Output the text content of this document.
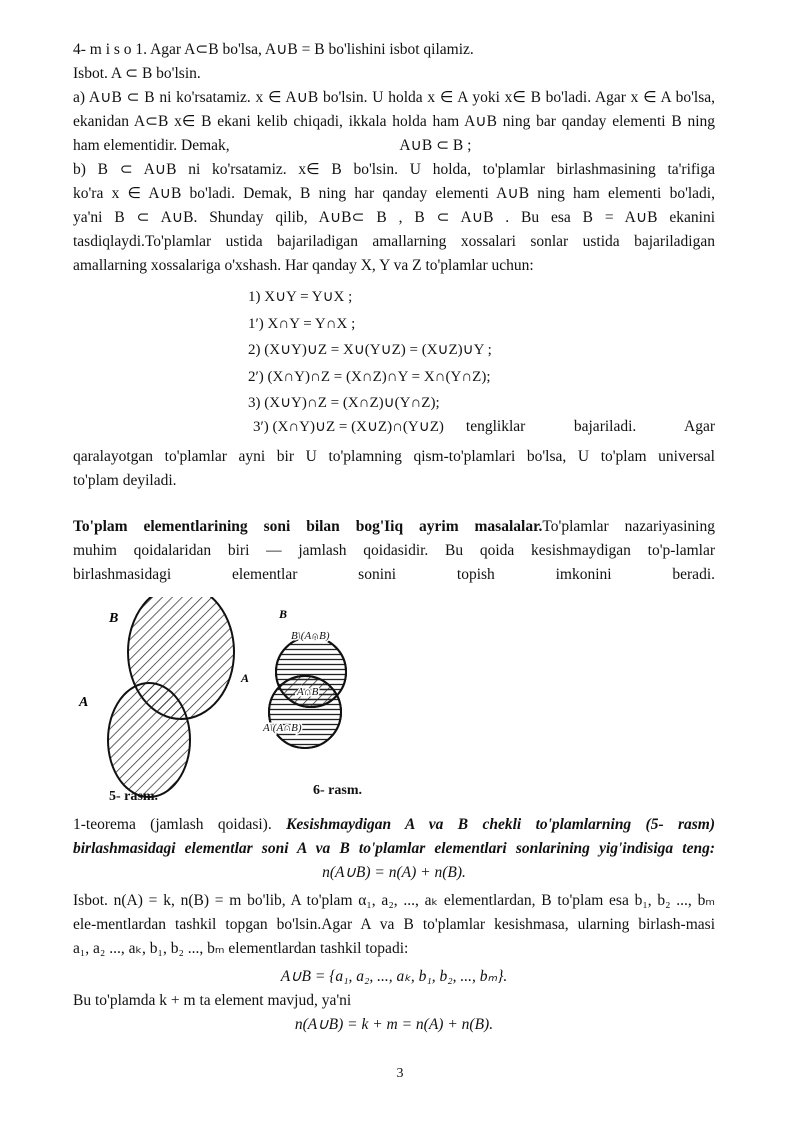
4- m i s o 1. Agar A⊂B bo'lsa, A∪B = B bo'lishini isbot qilamiz.

Isbot. A ⊂ B bo'lsin.

a) A∪B ⊂ B ni ko'rsatamiz. x ∈ A∪B bo'lsin. U holda x ∈ A yoki x∈ B bo'ladi. Agar x ∈ A bo'lsa,

ekanidan A⊂B x∈ B ekani kelib chiqadi, ikkala holda ham A∪B ning bar qanday elementi B ning

ham elementidir. Demak,                                            A∪B ⊂ B ;

b) B ⊂ A∪B ni ko'rsatamiz. x∈ B bo'lsin. U holda, to'plamlar birlashmasining ta'rifiga

ko'ra x ∈ A∪B bo'ladi. Demak, B ning har qanday elementi A∪B ning ham elementi bo'ladi,

ya'ni B ⊂ A∪B. Shunday qilib, A∪B⊂ B , B ⊂ A∪B . Bu esa B = A∪B ekanini

tasdiqlaydi.To'plamlar ustida bajariladigan amallarning xossalari sonlar ustida bajariladigan

amallarning xossalariga o'xshash. Har qanday X, Y va Z to'plamlar uchun:

1) X∪Y = Y∪X ;
1′) X∩Y = Y∩X ;
2) (X∪Y)∪Z = X∪(Y∪Z) = (X∪Z)∪Y ;
2′) (X∩Y)∩Z = (X∩Z)∩Y = X∩(Y∩Z);
3) (X∪Y)∩Z = (X∩Z)∪(Y∩Z);
3′) (X∩Y)∪Z = (X∪Z)∩(Y∪Z)	tengliklar bajariladi. Agar

qaralayotgan to'plamlar ayni bir U to'plamning qism-to'plamlari bo'lsa, U to'plam universal

to'plam deyiladi.

To'plam elementlarining soni bilan bog'Iiq ayrim masalalar.To'plamlar nazariyasining

muhim qoidalaridan biri — jamlash qoidasidir. Bu qoida kesishmaydigan to'p-lamlar

birlashmasidagi elementlar sonini topish imkonini beradi.

B
A
B
A
B\(A∩B)
A∩B
A\(A∩B)
5- rasm.	6- rasm.

1-teorema (jamlash qoidasi). Kesishmaydigan A va B chekli to'plamlarning (5- rasm)

birlashmasidagi elementlar soni A va B to'plamlar elementlari sonlarining yig'indisiga teng:

n(A∪B) = n(A) + n(B).

Isbot. n(A) = k, n(B) = m bo'lib, A to'plam α₁, a₂, ..., aₖ elementlardan, B to'plam esa b₁, b₂ ..., bₘ

ele-mentlardan tashkil topgan bo'lsin.Agar A va B to'plamlar kesishmasa, ularning birlash-masi

a₁, a₂ ..., aₖ, b₁, b₂ ..., bₘ elementlardan tashkil topadi:

A∪B = {a₁, a₂, ..., aₖ, b₁, b₂, ..., bₘ}.

Bu to'plamda k + m ta element mavjud, ya'ni

n(A∪B) = k + m = n(A) + n(B).

3
